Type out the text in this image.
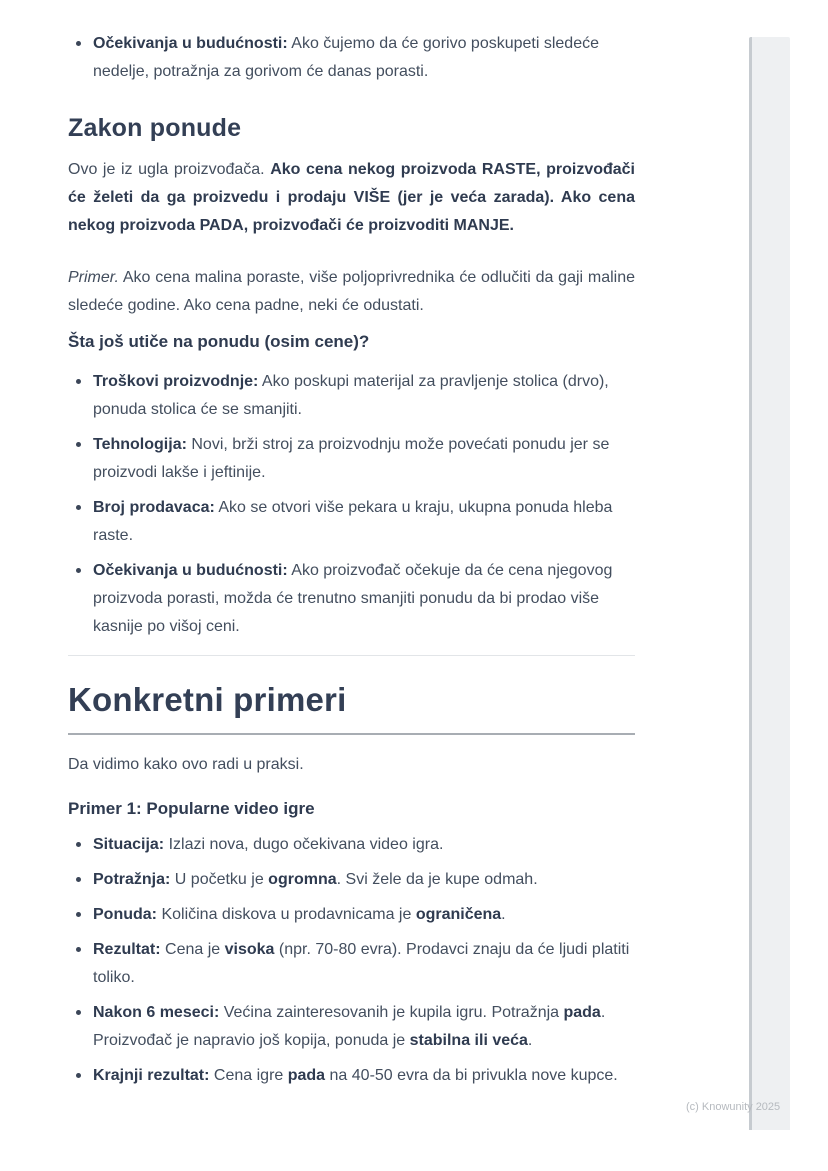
Očekivanja u budućnosti: Ako čujemo da će gorivo poskupeti sledeće nedelje, potražnja za gorivom će danas porasti.
Zakon ponude

Ovo je iz ugla proizvođača. Ako cena nekog proizvoda RASTE, proizvođači će želeti da ga proizvedu i prodaju VIŠE (jer je veća zarada). Ako cena nekog proizvoda PADA, proizvođači će proizvoditi MANJE.

Primer. Ako cena malina poraste, više poljoprivrednika će odlučiti da gaji maline sledeće godine. Ako cena padne, neki će odustati.

Šta još utiče na ponudu (osim cene)?
Troškovi proizvodnje: Ako poskupi materijal za pravljenje stolica (drvo), ponuda stolica će se smanjiti.
Tehnologija: Novi, brži stroj za proizvodnju može povećati ponudu jer se proizvodi lakše i jeftinije.
Broj prodavaca: Ako se otvori više pekara u kraju, ukupna ponuda hleba raste.
Očekivanja u budućnosti: Ako proizvođač očekuje da će cena njegovog proizvoda porasti, možda će trenutno smanjiti ponudu da bi prodao više kasnije po višoj ceni.
Konkretni primeri

Da vidimo kako ovo radi u praksi.

Primer 1: Popularne video igre
Situacija: Izlazi nova, dugo očekivana video igra.
Potražnja: U početku je ogromna. Svi žele da je kupe odmah.
Ponuda: Količina diskova u prodavnicama je ograničena.
Rezultat: Cena je visoka (npr. 70-80 evra). Prodavci znaju da će ljudi platiti toliko.
Nakon 6 meseci: Većina zainteresovanih je kupila igru. Potražnja pada. Proizvođač je napravio još kopija, ponuda je stabilna ili veća.
Krajnji rezultat: Cena igre pada na 40-50 evra da bi privukla nove kupce.
(c) Knowunity 2025
